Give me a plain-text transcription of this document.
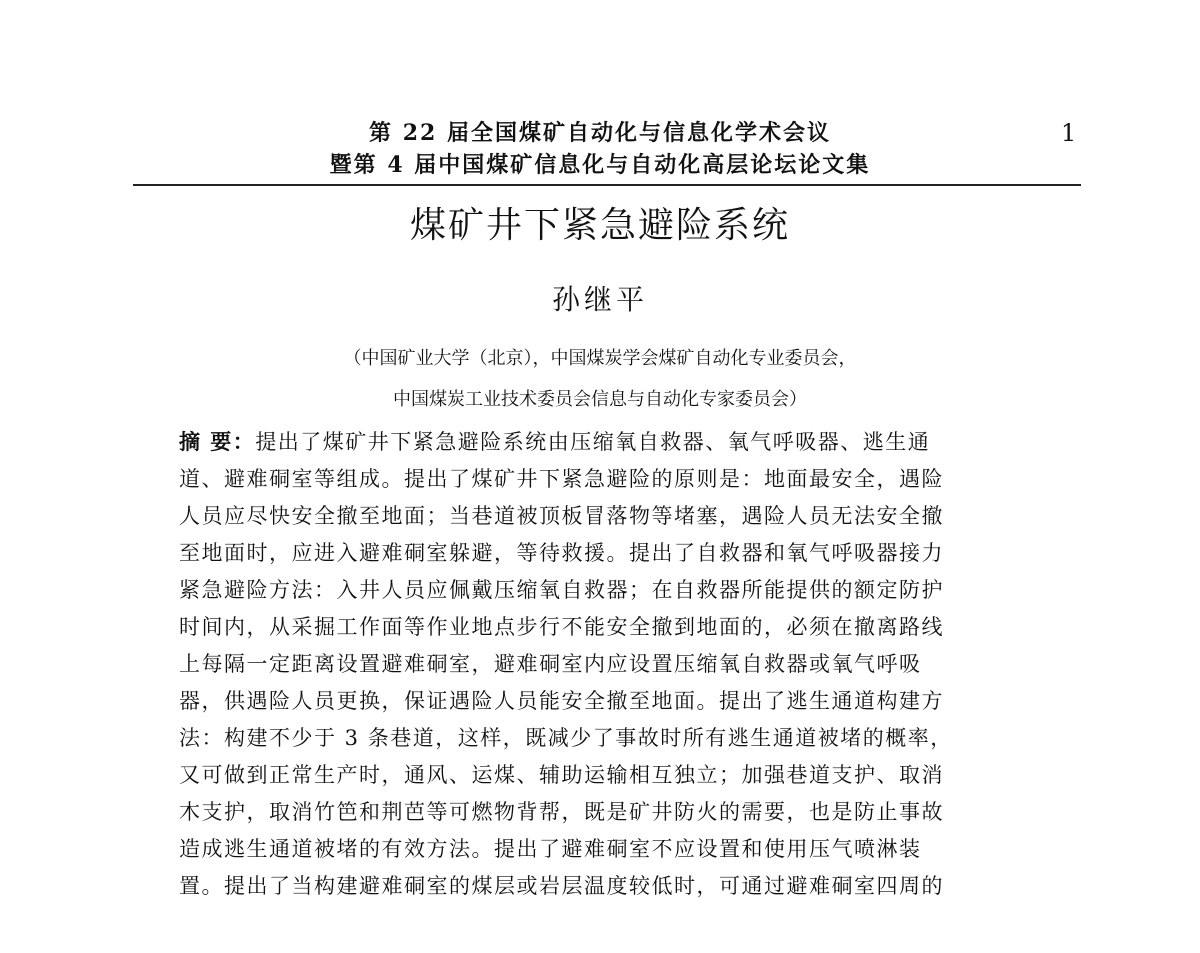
第 22 届全国煤矿自动化与信息化学术会议
暨第 4 届中国煤矿信息化与自动化高层论坛论文集
1
煤矿井下紧急避险系统
孙继平
（中国矿业大学（北京），中国煤炭学会煤矿自动化专业委员会，
中国煤炭工业技术委员会信息与自动化专家委员会）
摘 要：提出了煤矿井下紧急避险系统由压缩氧自救器、氧气呼吸器、逃生通
道、避难硐室等组成。提出了煤矿井下紧急避险的原则是：地面最安全，遇险
人员应尽快安全撤至地面；当巷道被顶板冒落物等堵塞，遇险人员无法安全撤
至地面时，应进入避难硐室躲避，等待救援。提出了自救器和氧气呼吸器接力
紧急避险方法：入井人员应佩戴压缩氧自救器；在自救器所能提供的额定防护
时间内，从采掘工作面等作业地点步行不能安全撤到地面的，必须在撤离路线
上每隔一定距离设置避难硐室，避难硐室内应设置压缩氧自救器或氧气呼吸
器，供遇险人员更换，保证遇险人员能安全撤至地面。提出了逃生通道构建方
法：构建不少于 3 条巷道，这样，既减少了事故时所有逃生通道被堵的概率，
又可做到正常生产时，通风、运煤、辅助运输相互独立；加强巷道支护、取消
木支护，取消竹笆和荆芭等可燃物背帮，既是矿井防火的需要，也是防止事故
造成逃生通道被堵的有效方法。提出了避难硐室不应设置和使用压气喷淋装
置。提出了当构建避难硐室的煤层或岩层温度较低时，可通过避难硐室四周的
